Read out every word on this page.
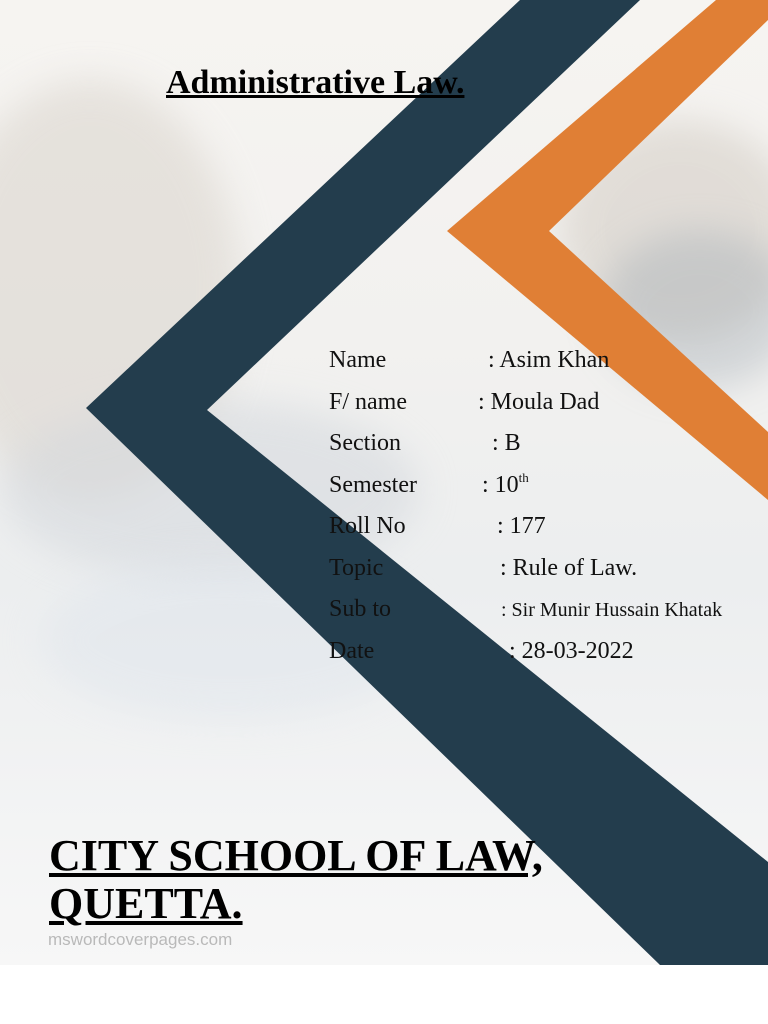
Administrative Law.
Name	: Asim Khan
F/ name	: Moula Dad
Section	: B
Semester	: 10th
Roll No	: 177
Topic	: Rule of Law.
Sub to	: Sir Munir Hussain Khatak
Date	: 28-03-2022
CITY SCHOOL OF LAW,
QUETTA.
mswordcoverpages.com
